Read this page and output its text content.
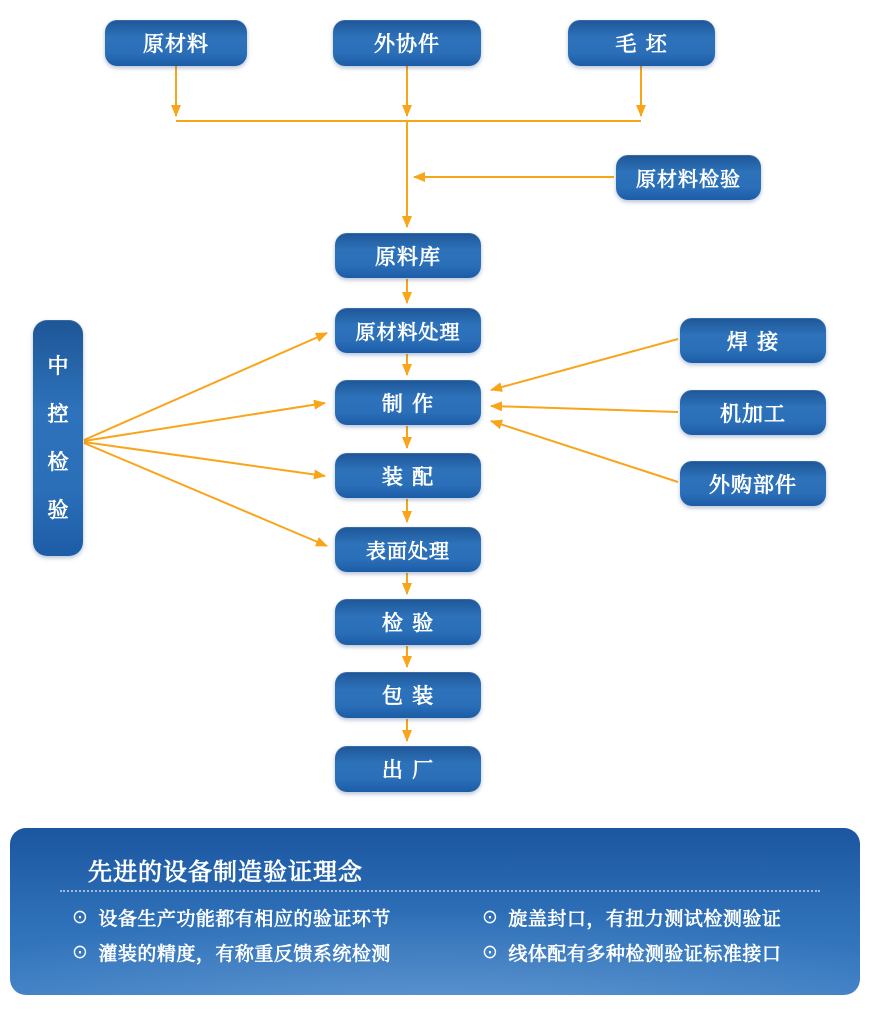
原材料	外协件	毛 坯
原材料检验
原料库
原材料处理
制 作
装 配
表面处理
检 验
包 装
出 厂
中
控
检
验
焊 接
机加工
外购部件
先进的设备制造验证理念
⊙ 设备生产功能都有相应的验证环节
⊙ 灌装的精度，有称重反馈系统检测
⊙ 旋盖封口，有扭力测试检测验证
⊙ 线体配有多种检测验证标准接口
